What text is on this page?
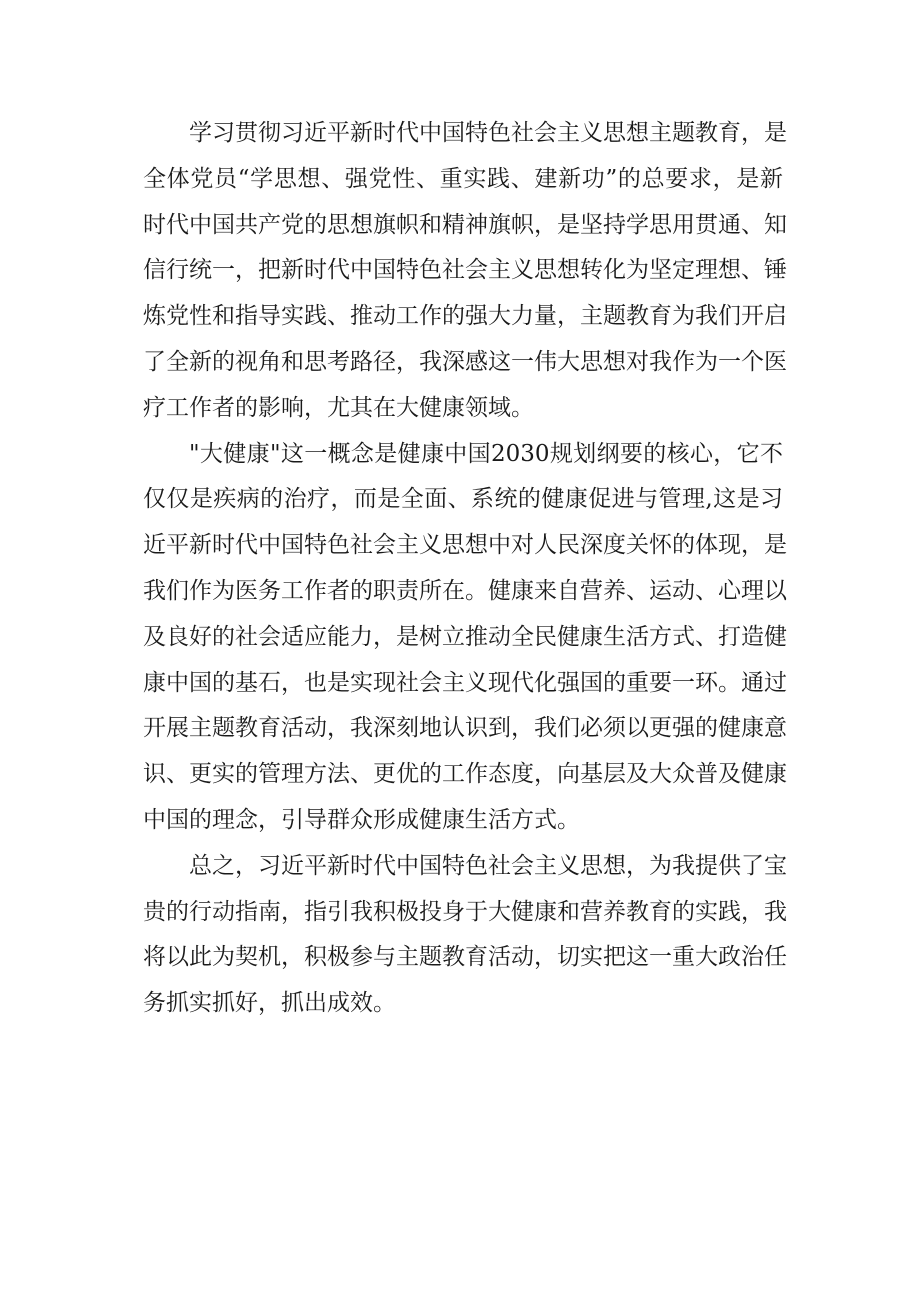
学习贯彻习近平新时代中国特色社会主义思想主题教育，是
全体党员“学思想、强党性、重实践、建新功”的总要求，是新
时代中国共产党的思想旗帜和精神旗帜，是坚持学思用贯通、知
信行统一，把新时代中国特色社会主义思想转化为坚定理想、锤
炼党性和指导实践、推动工作的强大力量，主题教育为我们开启
了全新的视角和思考路径，我深感这一伟大思想对我作为一个医
疗工作者的影响，尤其在大健康领域。
"大健康"这一概念是健康中国2030规划纲要的核心，它不
仅仅是疾病的治疗，而是全面、系统的健康促进与管理,这是习
近平新时代中国特色社会主义思想中对人民深度关怀的体现，是
我们作为医务工作者的职责所在。健康来自营养、运动、心理以
及良好的社会适应能力，是树立推动全民健康生活方式、打造健
康中国的基石，也是实现社会主义现代化强国的重要一环。通过
开展主题教育活动，我深刻地认识到，我们必须以更强的健康意
识、更实的管理方法、更优的工作态度，向基层及大众普及健康
中国的理念，引导群众形成健康生活方式。
总之，习近平新时代中国特色社会主义思想，为我提供了宝
贵的行动指南，指引我积极投身于大健康和营养教育的实践，我
将以此为契机，积极参与主题教育活动，切实把这一重大政治任
务抓实抓好，抓出成效。
